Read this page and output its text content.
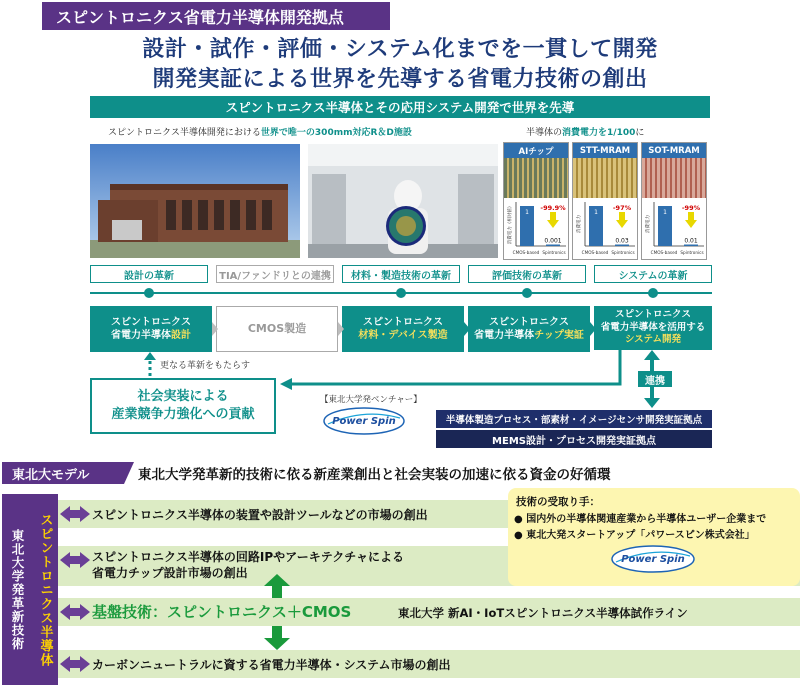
スピントロニクス省電力半導体開発拠点
設計・試作・評価・システム化までを一貫して開発
開発実証による世界を先導する省電力技術の創出
スピントロニクス半導体とその応用システム開発で世界を先導
スピントロニクス半導体開発における世界で唯一の300mm対応R＆D施設	半導体の消費電力を1/100に
AIチップ
1
0.001
-99.9%
CMOS-based Spintronics
消費電力（相対値）
STT-MRAM
1
0.03
-97%
CMOS-based Spintronics
消費電力
SOT-MRAM
1
0.01
-99%
CMOS-based Spintronics
消費電力
設計の革新	TIA/ファンドリとの連携	材料・製造技術の革新	評価技術の革新	システムの革新
スピントロニクス
省電力半導体設計
CMOS製造	スピントロニクス
材料・デバイス製造
スピントロニクス
省電力半導体チップ実証
スピントロニクス
省電力半導体を活用する
システム開発
更なる革新をもたらす
社会実装による
産業競争力強化への貢献
【東北大学発ベンチャー】
Power Spin
連携
半導体製造プロセス・部素材・イメージセンサ開発実証拠点
MEMS設計・プロセス開発実証拠点
東北大モデル	東北大学発革新的技術に依る新産業創出と社会実装の加速に依る資金の好循環
東北大学発革新技術 スピントロニクス半導体	スピントロニクス半導体の装置や設計ツールなどの市場の創出
スピントロニクス半導体の回路IPやアーキテクチャによる
省電力チップ設計市場の創出
基盤技術：スピントロニクス＋CMOS	東北大学 新AI・IoTスピントロニクス半導体試作ライン
カーボンニュートラルに資する省電力半導体・システム市場の創出
技術の受取り手：
● 国内外の半導体関連産業から半導体ユーザー企業まで
● 東北大発スタートアップ「パワースピン株式会社」
Power Spin
